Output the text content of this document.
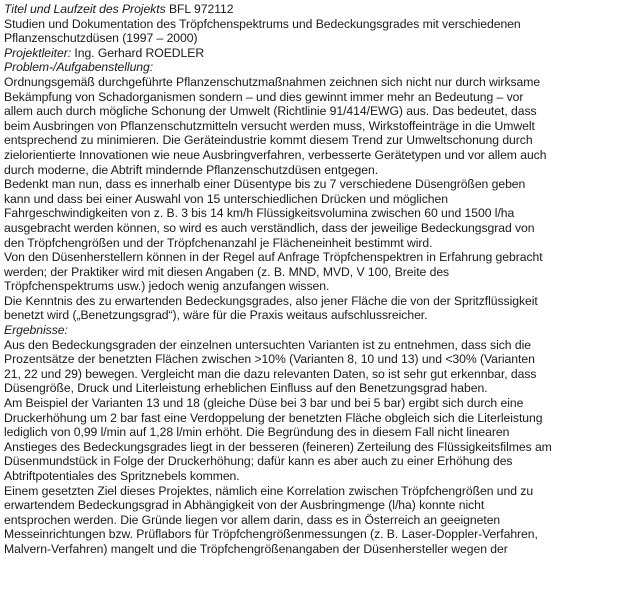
Titel und Laufzeit des Projekts BFL 972112
Studien und Dokumentation des Tröpfchenspektrums und Bedeckungsgrades mit verschiedenen
Pflanzenschutzdüsen (1997 – 2000)
Projektleiter: Ing. Gerhard ROEDLER
Problem-/Aufgabenstellung:
Ordnungsgemäß durchgeführte Pflanzenschutzmaßnahmen zeichnen sich nicht nur durch wirksame
Bekämpfung von Schadorganismen sondern – und dies gewinnt immer mehr an Bedeutung – vor
allem auch durch mögliche Schonung der Umwelt (Richtlinie 91/414/EWG) aus. Das bedeutet, dass
beim Ausbringen von Pflanzenschutzmitteln versucht werden muss, Wirkstoffeinträge in die Umwelt
entsprechend zu minimieren. Die Geräteindustrie kommt diesem Trend zur Umweltschonung durch
zielorientierte Innovationen wie neue Ausbringverfahren, verbesserte Gerätetypen und vor allem auch
durch moderne, die Abtrift mindernde Pflanzenschutzdüsen entgegen.
Bedenkt man nun, dass es innerhalb einer Düsentype bis zu 7 verschiedene Düsengrößen geben
kann und dass bei einer Auswahl von 15 unterschiedlichen Drücken und möglichen
Fahrgeschwindigkeiten von z. B. 3 bis 14 km/h Flüssigkeitsvolumina zwischen 60 und 1500 l/ha
ausgebracht werden können, so wird es auch verständlich, dass der jeweilige Bedeckungsgrad von
den Tröpfchengrößen und der Tröpfchenanzahl je Flächeneinheit bestimmt wird.
Von den Düsenherstellern können in der Regel auf Anfrage Tröpfchenspektren in Erfahrung gebracht
werden; der Praktiker wird mit diesen Angaben (z. B. MND, MVD, V 100, Breite des
Tröpfchenspektrums usw.) jedoch wenig anzufangen wissen.
Die Kenntnis des zu erwartenden Bedeckungsgrades, also jener Fläche die von der Spritzflüssigkeit
benetzt wird („Benetzungsgrad“), wäre für die Praxis weitaus aufschlussreicher.
Ergebnisse:
Aus den Bedeckungsgraden der einzelnen untersuchten Varianten ist zu entnehmen, dass sich die
Prozentsätze der benetzten Flächen zwischen >10% (Varianten 8, 10 und 13) und <30% (Varianten
21, 22 und 29) bewegen. Vergleicht man die dazu relevanten Daten, so ist sehr gut erkennbar, dass
Düsengröße, Druck und Literleistung erheblichen Einfluss auf den Benetzungsgrad haben.
Am Beispiel der Varianten 13 und 18 (gleiche Düse bei 3 bar und bei 5 bar) ergibt sich durch eine
Druckerhöhung um 2 bar fast eine Verdoppelung der benetzten Fläche obgleich sich die Literleistung
lediglich von 0,99 l/min auf 1,28 l/min erhöht. Die Begründung des in diesem Fall nicht linearen
Anstieges des Bedeckungsgrades liegt in der besseren (feineren) Zerteilung des Flüssigkeitsfilmes am
Düsenmundstück in Folge der Druckerhöhung; dafür kann es aber auch zu einer Erhöhung des
Abtriftpotentiales des Spritznebels kommen.
Einem gesetzten Ziel dieses Projektes, nämlich eine Korrelation zwischen Tröpfchengrößen und zu
erwartendem Bedeckungsgrad in Abhängigkeit von der Ausbringmenge (l/ha) konnte nicht
entsprochen werden. Die Gründe liegen vor allem darin, dass es in Österreich an geeigneten
Messeinrichtungen bzw. Prüflabors für Tröpfchengrößenmessungen (z. B. Laser-Doppler-Verfahren,
Malvern-Verfahren) mangelt und die Tröpfchengrößenangaben der Düsenhersteller wegen der
